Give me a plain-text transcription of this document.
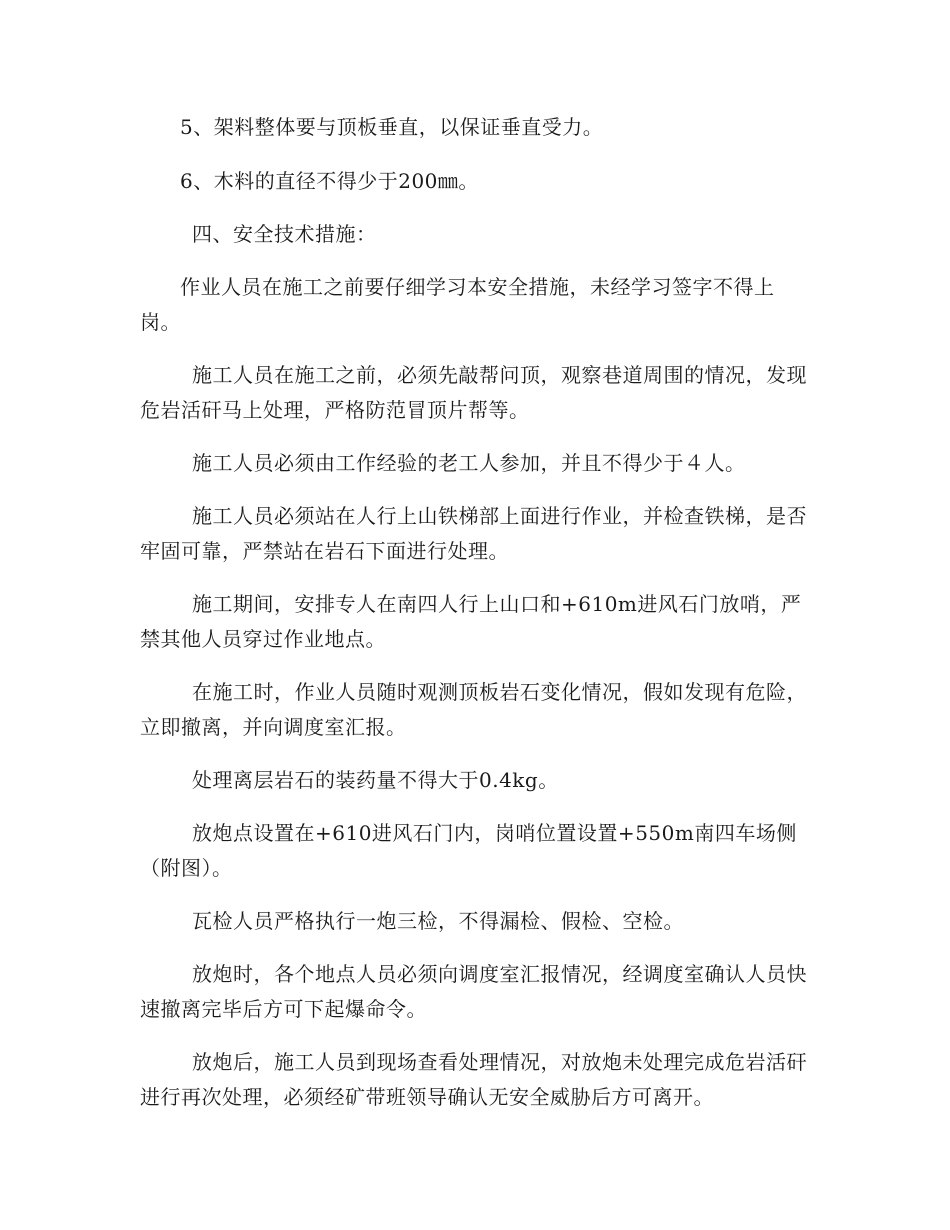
5、架料整体要与顶板垂直，以保证垂直受力。

6、木料的直径不得少于200㎜。

四、安全技术措施：

作业人员在施工之前要仔细学习本安全措施，未经学习签字不得上岗。

施工人员在施工之前，必须先敲帮问顶，观察巷道周围的情况，发现危岩活矸马上处理，严格防范冒顶片帮等。

施工人员必须由工作经验的老工人参加，并且不得少于４人。

施工人员必须站在人行上山铁梯部上面进行作业，并检查铁梯，是否牢固可靠，严禁站在岩石下面进行处理。

施工期间，安排专人在南四人行上山口和+610m进风石门放哨，严禁其他人员穿过作业地点。

在施工时，作业人员随时观测顶板岩石变化情况，假如发现有危险，立即撤离，并向调度室汇报。

处理离层岩石的装药量不得大于0.4kg。

放炮点设置在+610进风石门内，岗哨位置设置+550m南四车场侧（附图）。

瓦检人员严格执行一炮三检，不得漏检、假检、空检。

放炮时，各个地点人员必须向调度室汇报情况，经调度室确认人员快速撤离完毕后方可下起爆命令。

放炮后，施工人员到现场查看处理情况，对放炮未处理完成危岩活矸进行再次处理，必须经矿带班领导确认无安全威胁后方可离开。
